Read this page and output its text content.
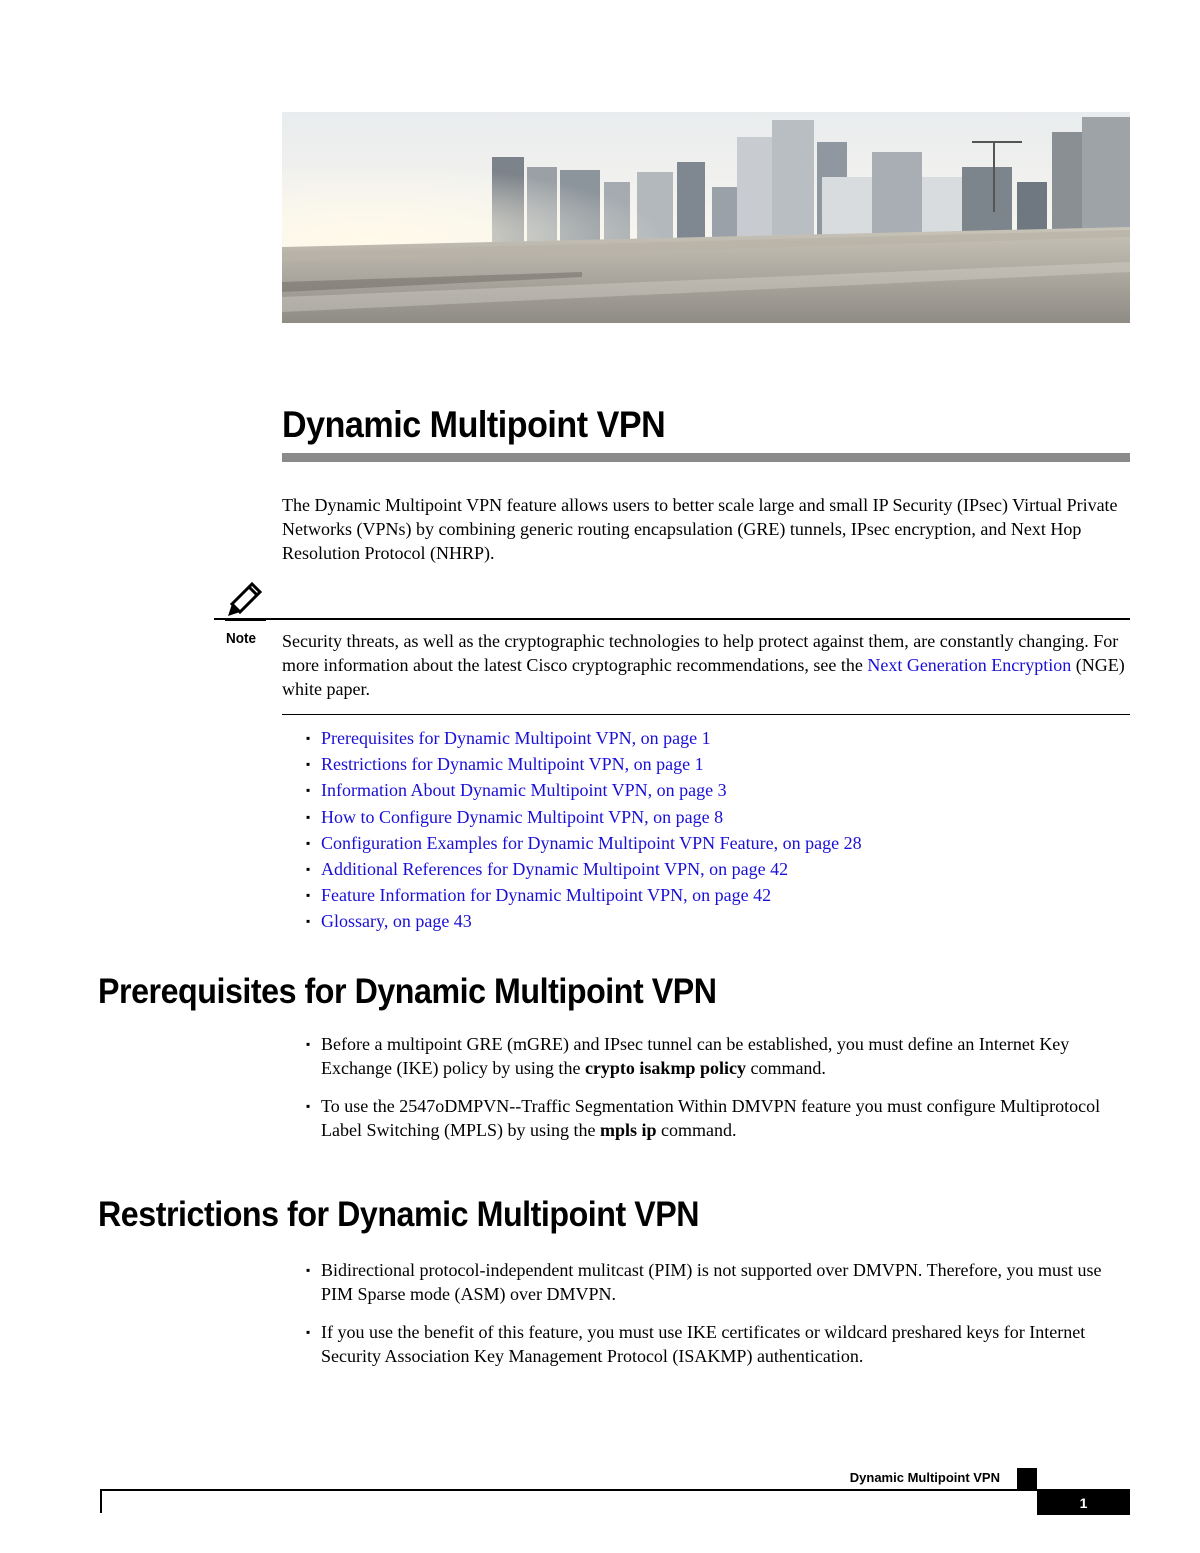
Dynamic Multipoint VPN
The Dynamic Multipoint VPN feature allows users to better scale large and small IP Security (IPsec) Virtual Private Networks (VPNs) by combining generic routing encapsulation (GRE) tunnels, IPsec encryption, and Next Hop Resolution Protocol (NHRP).
Note Security threats, as well as the cryptographic technologies to help protect against them, are constantly changing. For more information about the latest Cisco cryptographic recommendations, see the Next Generation Encryption (NGE) white paper.
▪ Prerequisites for Dynamic Multipoint VPN, on page 1
▪ Restrictions for Dynamic Multipoint VPN, on page 1
▪ Information About Dynamic Multipoint VPN, on page 3
▪ How to Configure Dynamic Multipoint VPN, on page 8
▪ Configuration Examples for Dynamic Multipoint VPN Feature, on page 28
▪ Additional References for Dynamic Multipoint VPN, on page 42
▪ Feature Information for Dynamic Multipoint VPN, on page 42
▪ Glossary, on page 43
Prerequisites for Dynamic Multipoint VPN
▪ Before a multipoint GRE (mGRE) and IPsec tunnel can be established, you must define an Internet Key Exchange (IKE) policy by using the crypto isakmp policy command.
▪ To use the 2547oDMPVN--Traffic Segmentation Within DMVPN feature you must configure Multiprotocol Label Switching (MPLS) by using the mpls ip command.
Restrictions for Dynamic Multipoint VPN
▪ Bidirectional protocol-independent mulitcast (PIM) is not supported over DMVPN. Therefore, you must use PIM Sparse mode (ASM) over DMVPN.
▪ If you use the benefit of this feature, you must use IKE certificates or wildcard preshared keys for Internet Security Association Key Management Protocol (ISAKMP) authentication.
Dynamic Multipoint VPN
1
